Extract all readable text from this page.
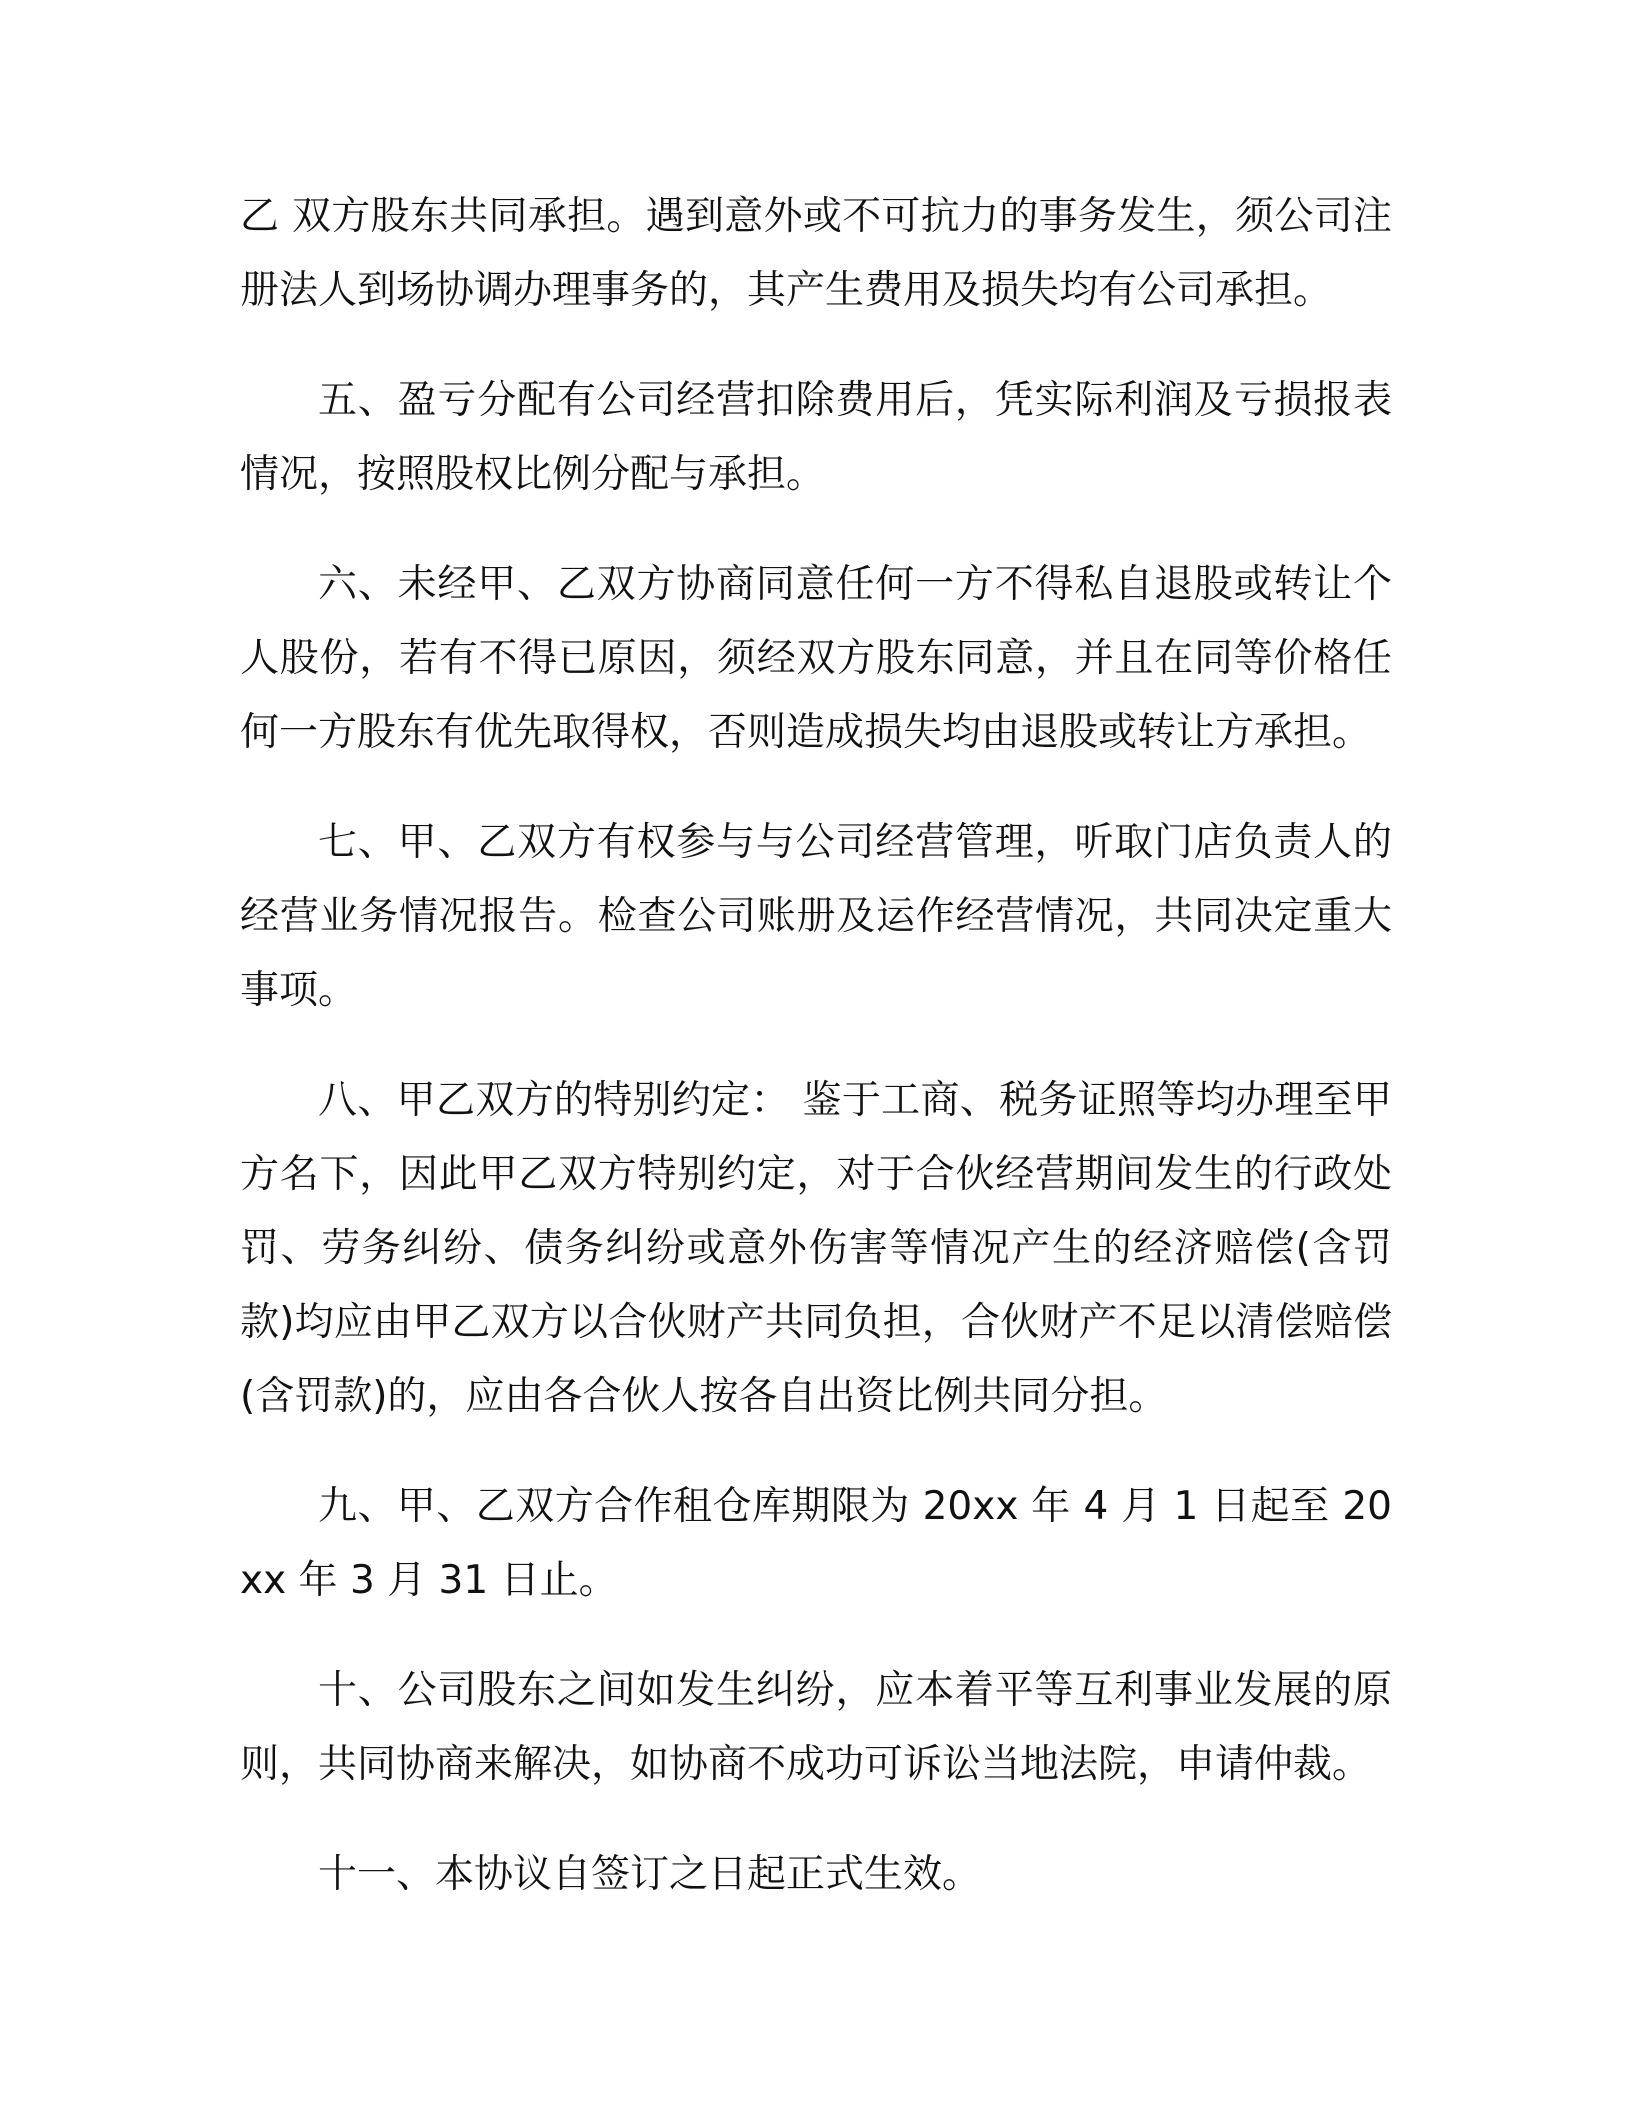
乙 双方股东共同承担。遇到意外或不可抗力的事务发生，须公司注册法人到场协调办理事务的，其产生费用及损失均有公司承担。

五、盈亏分配有公司经营扣除费用后，凭实际利润及亏损报表情况，按照股权比例分配与承担。

六、未经甲、乙双方协商同意任何一方不得私自退股或转让个人股份，若有不得已原因，须经双方股东同意，并且在同等价格任何一方股东有优先取得权，否则造成损失均由退股或转让方承担。

七、甲、乙双方有权参与与公司经营管理，听取门店负责人的经营业务情况报告。检查公司账册及运作经营情况，共同决定重大事项。

八、甲乙双方的特别约定： 鉴于工商、税务证照等均办理至甲方名下，因此甲乙双方特别约定，对于合伙经营期间发生的行政处罚、劳务纠纷、债务纠纷或意外伤害等情况产生的经济赔偿(含罚款)均应由甲乙双方以合伙财产共同负担，合伙财产不足以清偿赔偿(含罚款)的，应由各合伙人按各自出资比例共同分担。

九、甲、乙双方合作租仓库期限为 20xx 年 4 月 1 日起至 20xx 年 3 月 31 日止。

十、公司股东之间如发生纠纷，应本着平等互利事业发展的原则，共同协商来解决，如协商不成功可诉讼当地法院，申请仲裁。

十一、本协议自签订之日起正式生效。
